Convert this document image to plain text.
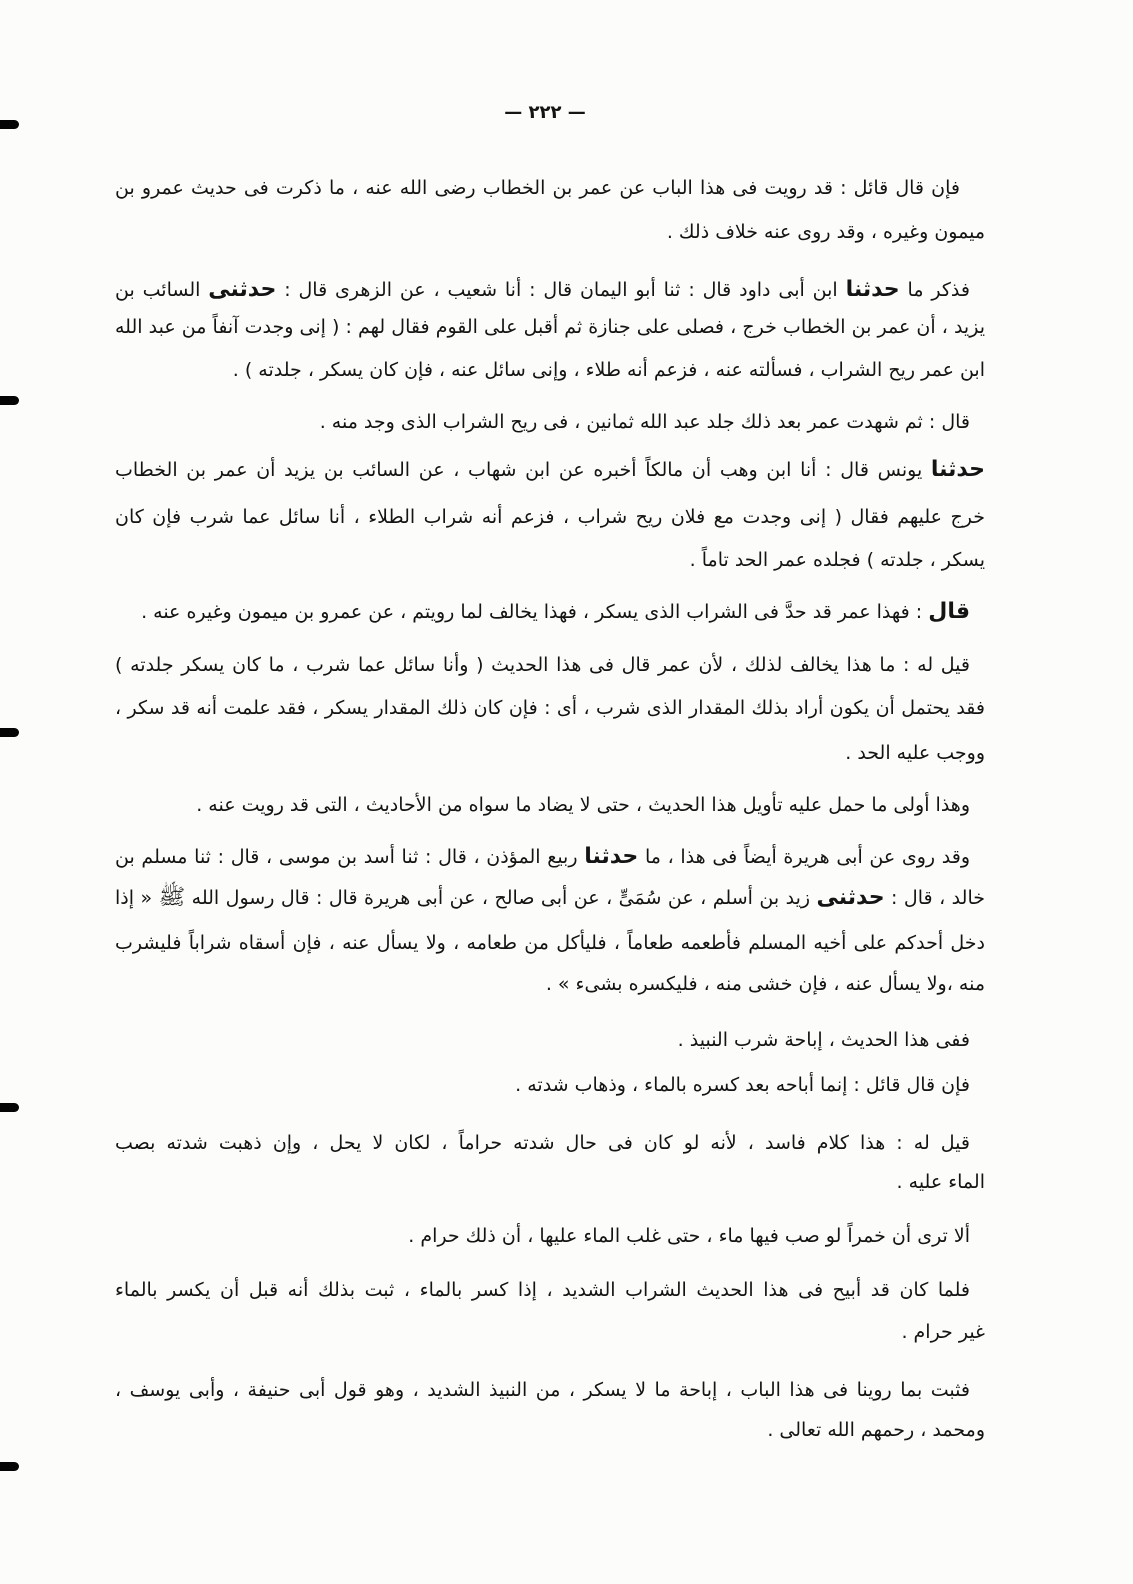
— ٢٢٢ —
فإن قال قائل : قد رويت فى هذا الباب عن عمر بن الخطاب رضى الله عنه ، ما ذكرت فى حديث عمرو بن
ميمون وغيره ، وقد روى عنه خلاف ذلك .
فذكر ما حدثنا ابن أبى داود قال : ثنا أبو اليمان قال : أنا شعيب ، عن الزهرى قال : حدثنى السائب بن
يزيد ، أن عمر بن الخطاب خرج ، فصلى على جنازة ثم أقبل على القوم فقال لهم : ( إنى وجدت آنفاً من عبد الله
ابن عمر ريح الشراب ، فسألته عنه ، فزعم أنه طلاء ، وإنى سائل عنه ، فإن كان يسكر ، جلدته ) .
قال : ثم شهدت عمر بعد ذلك جلد عبد الله ثمانين ، فى ريح الشراب الذى وجد منه .
حدثنا يونس قال : أنا ابن وهب أن مالكاً أخبره عن ابن شهاب ، عن السائب بن يزيد أن عمر بن الخطاب
خرج عليهم فقال ( إنى وجدت مع فلان ريح شراب ، فزعم أنه شراب الطلاء ، أنا سائل عما شرب فإن كان
يسكر ، جلدته ) فجلده عمر الحد تاماً .
قال : فهذا عمر قد حدَّ فى الشراب الذى يسكر ، فهذا يخالف لما رويتم ، عن عمرو بن ميمون وغيره عنه .
قيل له : ما هذا يخالف لذلك ، لأن عمر قال فى هذا الحديث ( وأنا سائل عما شرب ، ما كان يسكر جلدته )
فقد يحتمل أن يكون أراد بذلك المقدار الذى شرب ، أى : فإن كان ذلك المقدار يسكر ، فقد علمت أنه قد سكر ،
ووجب عليه الحد .
وهذا أولى ما حمل عليه تأويل هذا الحديث ، حتى لا يضاد ما سواه من الأحاديث ، التى قد رويت عنه .
وقد روى عن أبى هريرة أيضاً فى هذا ، ما حدثنا ربيع المؤذن ، قال : ثنا أسد بن موسى ، قال : ثنا مسلم بن
خالد ، قال : حدثنى زيد بن أسلم ، عن سُمَىٍّ ، عن أبى صالح ، عن أبى هريرة قال : قال رسول الله ﷺ « إذا
دخل أحدكم على أخيه المسلم فأطعمه طعاماً ، فليأكل من طعامه ، ولا يسأل عنه ، فإن أسقاه شراباً فليشرب
منه ،ولا يسأل عنه ، فإن خشى منه ، فليكسره بشىء » .
ففى هذا الحديث ، إباحة شرب النبيذ .
فإن قال قائل : إنما أباحه بعد كسره بالماء ، وذهاب شدته .
قيل له : هذا كلام فاسد ، لأنه لو كان فى حال شدته حراماً ، لكان لا يحل ، وإن ذهبت شدته بصب
الماء عليه .
ألا ترى أن خمراً لو صب فيها ماء ، حتى غلب الماء عليها ، أن ذلك حرام .
فلما كان قد أبيح فى هذا الحديث الشراب الشديد ، إذا كسر بالماء ، ثبت بذلك أنه قبل أن يكسر بالماء
غير حرام .
فثبت بما روينا فى هذا الباب ، إباحة ما لا يسكر ، من النبيذ الشديد ، وهو قول أبى حنيفة ، وأبى يوسف ،
ومحمد ، رحمهم الله تعالى .
